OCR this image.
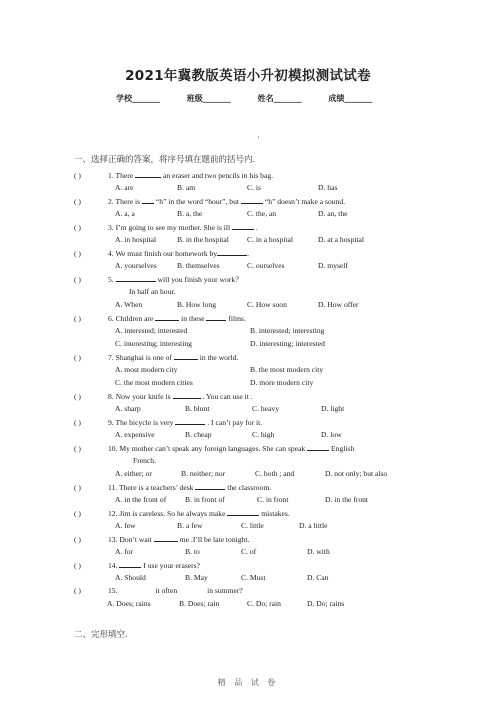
2021年冀教版英语小升初模拟测试试卷
学校_______	班级_______	姓名_______	成绩_______
'
一、选择正确的答案，将序号填在题前的括号内.
( )	1. There	an eraser and two pencils in his bag.
A. are	B. am	C. is	D. has
( )	2. There is  “h” in the word “hour”, but	“h” doesn’t make a sound.
A. a, a	B. a, the	C. the, an	D. an, the
( )	3. I’m going to see my mother. She is ill	.
A. in hospital	B. in the hospital C. in a hospital	D. at a hospital
( )	4. We must finish our homework by	.
A. yourselves	B. themselves	C. ourselves	D. myself
( )	5.	will you finish your work？
In half an hour.
A. When	B. How long	C. How soon	D. How offer
( )	6. Children are	in these	films.
A. interested; interested	B. interested; interesting
C. interesting; interesting	D. interesting; interested
( )	7. Shanghai is one of	in the world.
A. most modern city	B. the most modern city
C. the most modern cities	D. more modern city
( )	8. Now your knife is	. You can use it .
A. sharp	B. blunt	C. heavy	D. light
( )	9. The bicycle is very	. I can’t pay for it.
A. expensive	B. cheap	C. high	D. low
( )	10. My mother can’t speak any foreign languages. She can speak	English
French.
A. either; or	B. neither; nor	C. both ; and	D. not only; but also
( )	11. There is a teachers’ desk	the classroom.
A. in the front of B. in front of	C. in front	D. in the front
( )	12. Jim is careless. So he always make	mistakes.
A. few	B. a few	C. little	D. a little
( )	13. Don’t wait	me .I’ll be late tonight.
A. for	B. to	C. of	D. with
( )	14.	I use your erasers?
A. Should	B. May	C. Must	D. Can
( )	15.	it often	in summer?
A. Does; rains	B. Does; rain	C. Do; rain	D. Do; rains
二、完形填空.
精 品 试 卷
